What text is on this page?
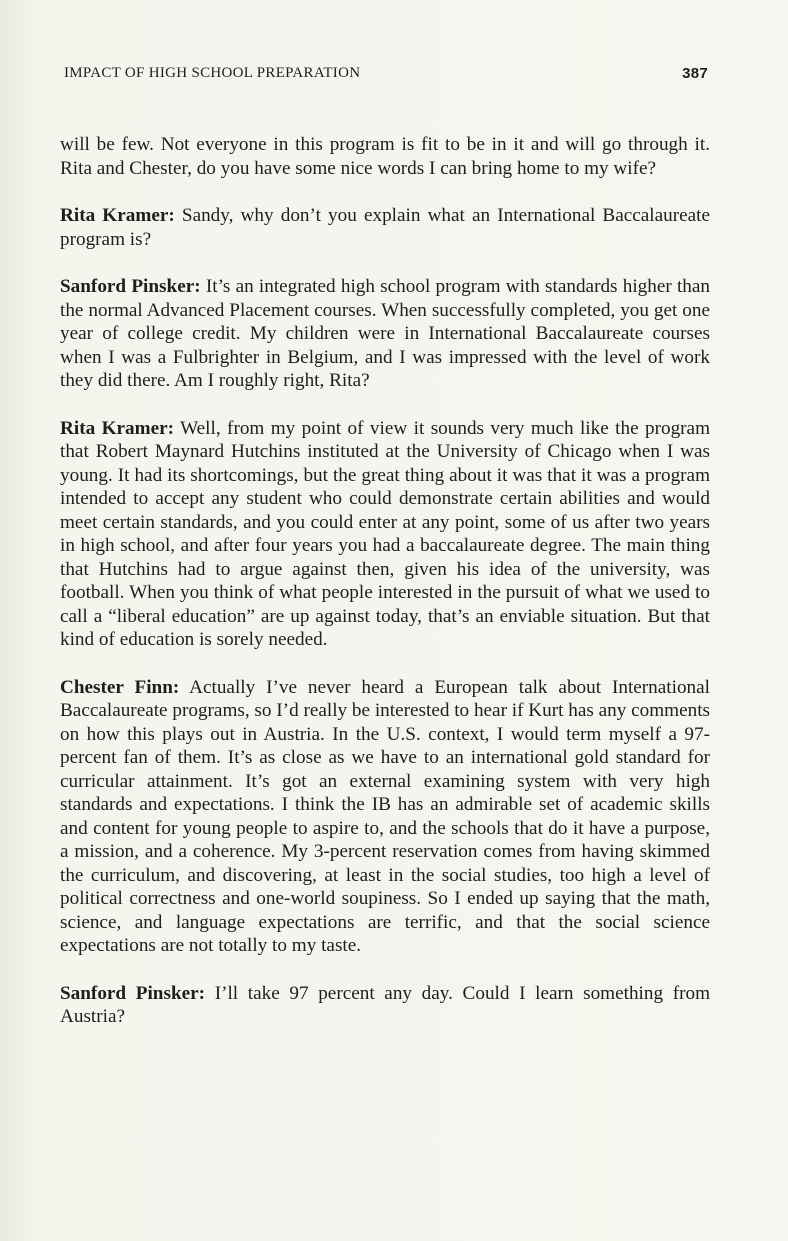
IMPACT OF HIGH SCHOOL PREPARATION	387

will be few. Not everyone in this program is fit to be in it and will go through it. Rita and Chester, do you have some nice words I can bring home to my wife?

Rita Kramer: Sandy, why don’t you explain what an International Baccalaureate program is?

Sanford Pinsker: It’s an integrated high school program with standards higher than the normal Advanced Placement courses. When successfully completed, you get one year of college credit. My children were in International Baccalaureate courses when I was a Fulbrighter in Belgium, and I was impressed with the level of work they did there. Am I roughly right, Rita?

Rita Kramer: Well, from my point of view it sounds very much like the program that Robert Maynard Hutchins instituted at the University of Chicago when I was young. It had its shortcomings, but the great thing about it was that it was a program intended to accept any student who could demonstrate certain abilities and would meet certain standards, and you could enter at any point, some of us after two years in high school, and after four years you had a baccalaureate degree. The main thing that Hutchins had to argue against then, given his idea of the university, was football. When you think of what people interested in the pursuit of what we used to call a “liberal education” are up against today, that’s an enviable situation. But that kind of education is sorely needed.

Chester Finn: Actually I’ve never heard a European talk about International Baccalaureate programs, so I’d really be interested to hear if Kurt has any comments on how this plays out in Austria. In the U.S. context, I would term myself a 97-percent fan of them. It’s as close as we have to an international gold standard for curricular attainment. It’s got an external examining system with very high standards and expectations. I think the IB has an admirable set of academic skills and content for young people to aspire to, and the schools that do it have a purpose, a mission, and a coherence. My 3-percent reservation comes from having skimmed the curriculum, and discovering, at least in the social studies, too high a level of political correctness and one-world soupiness. So I ended up saying that the math, science, and language expectations are terrific, and that the social science expectations are not totally to my taste.

Sanford Pinsker: I’ll take 97 percent any day. Could I learn something from Austria?
